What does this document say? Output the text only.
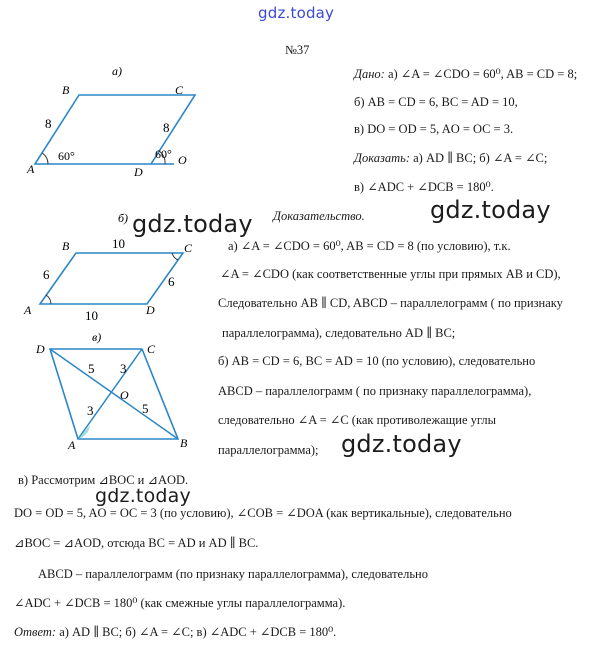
gdz.today
№37
а)
B	C
A	D
O
8	8
60°	60°
б)
B	C
A	D
10
10
6	6
в)
D	C
A	B
O
5
5
3
3
Дано: а) ∠A = ∠CDO = 60⁰, AB = CD = 8;
б) AB = CD = 6, BC = AD = 10,
в) DO = OD = 5, AO = OC = 3.
Доказать: а) AD ∥ BC; б) ∠A = ∠C;
в) ∠ADC + ∠DCB = 180⁰.
Доказательство.
а) ∠A = ∠CDO = 60⁰, AB = CD = 8 (по условию), т.к.
∠A = ∠CDO (как соответственные углы при прямых AB и CD),
Следовательно AB ∥ CD, ABCD – параллелограмм ( по признаку
параллелограмма), следовательно AD ∥ BC;
б) AB = CD = 6, BC = AD = 10 (по условию), следовательно
ABCD – параллелограмм ( по признаку параллелограмма),
следовательно ∠A = ∠C (как противолежащие углы
параллелограмма);
в) Рассмотрим ⊿BOC и ⊿AOD.
DO = OD = 5, AO = OC = 3 (по условию), ∠COB = ∠DOA (как вертикальные), следовательно
⊿BOC = ⊿AOD, отсюда BC = AD и AD ∥ BC.
ABCD – параллелограмм (по признаку параллелограмма), следовательно
∠ADC + ∠DCB = 180⁰ (как смежные углы параллелограмма).
Ответ: а) AD ∥ BC; б) ∠A = ∠C; в) ∠ADC + ∠DCB = 180⁰.
gdz.today	gdz.today
gdz.today
gdz.today
